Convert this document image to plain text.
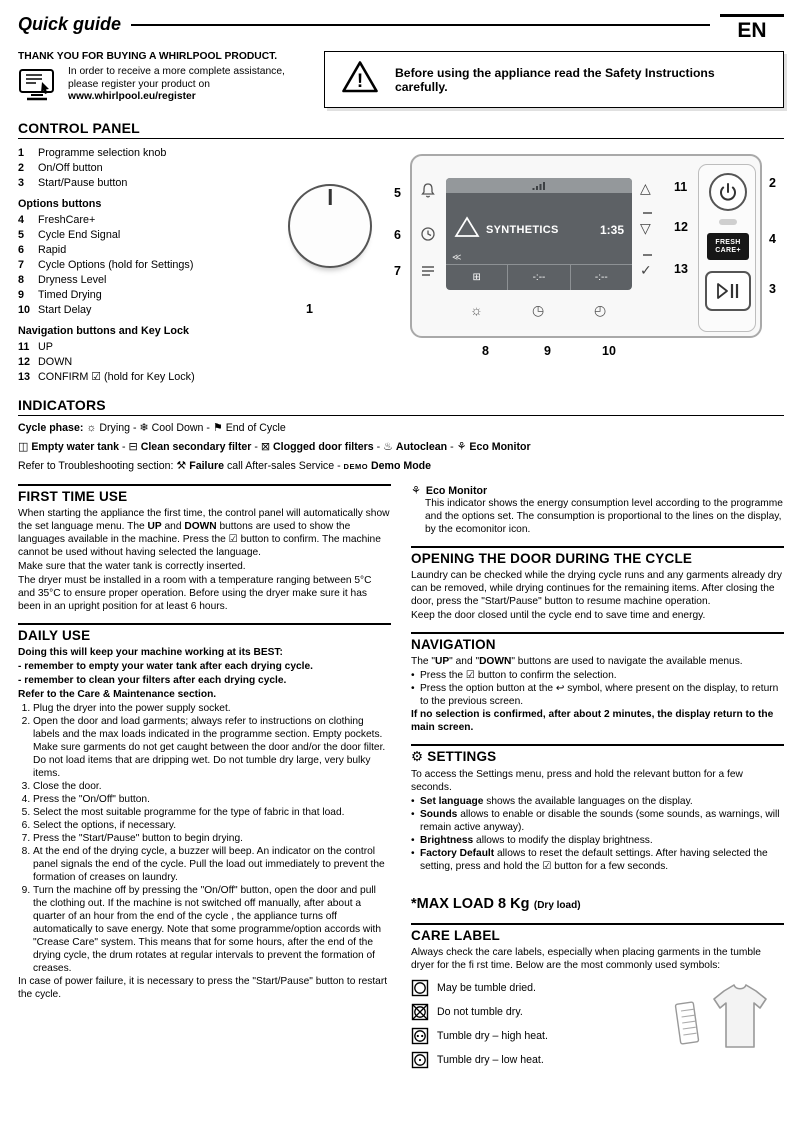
Quick guide	EN
THANK YOU FOR BUYING A WHIRLPOOL PRODUCT.
In order to receive a more complete assistance,
please register your product on
www.whirlpool.eu/register
!	Before using the appliance read the Safety Instructions carefully.
CONTROL PANEL
1	Programme selection knob
2	On/Off button
3	Start/Pause button
Options buttons
4	FreshCare+
5	Cycle End Signal
6	Rapid
7	Cycle Options (hold for Settings)
8	Dryness Level
9	Timed Drying
10 Start Delay
Navigation buttons and Key Lock
11 UP
12 DOWN
13 CONFIRM ☑ (hold for Key Lock)
1
SYNTHETICS	1:35
≪
⊞	-:--	-:--
☼	◷	◴
△
▽
✓
FRESH
CARE+
5
6
7
11
12
13
2
4
3
8	9	10
INDICATORS
Cycle phase: ☼ Drying - ❄ Cool Down - ⚑ End of Cycle
◫ Empty water tank - ⊟ Clean secondary filter - ⊠ Clogged door filters - ♨ Autoclean - ⚘ Eco Monitor
Refer to Troubleshooting section: ⚒ Failure call After-sales Service - DEMO Demo Mode
FIRST TIME USE

When starting the appliance the first time, the control panel will automatically show the set language menu. The UP and DOWN buttons are used to show the languages available in the machine. Press the ☑ button to confirm. The machine cannot be used without having selected the language.

Make sure that the water tank is correctly inserted.

The dryer must be installed in a room with a temperature ranging between 5°C and 35°C to ensure proper operation. Before using the dryer make sure it has been in an upright position for at least 6 hours.

DAILY USE

Doing this will keep your machine working at its BEST:

- remember to empty your water tank after each drying cycle.

- remember to clean your filters after each drying cycle.

Refer to the Care & Maintenance section.

1. Plug the dryer into the power supply socket.
2. Open the door and load garments; always refer to instructions on clothing labels and the max loads indicated in the programme section. Empty pockets. Make sure garments do not get caught between the door and/or the door filter. Do not load items that are dripping wet. Do not tumble dry large, very bulky items.
3. Close the door.
4. Press the "On/Off" button.
5. Select the most suitable programme for the type of fabric in that load.
6. Select the options, if necessary.
7. Press the "Start/Pause" button to begin drying.
8. At the end of the drying cycle, a buzzer will beep. An indicator on the control panel signals the end of the cycle. Pull the load out immediately to prevent the formation of creases on laundry.
9. Turn the machine off by pressing the "On/Off" button, open the door and pull the clothing out. If the machine is not switched off manually, after about a quarter of an hour from the end of the cycle , the appliance turns off automatically to save energy. Note that some programme/option accords with "Crease Care" system. This means that for some hours, after the end of the drying cycle, the drum rotates at regular intervals to prevent the formation of creases.

In case of power failure, it is necessary to press the "Start/Pause" button to restart the cycle.

⚘ Eco Monitor

This indicator shows the energy consumption level according to the programme and the options set. The consumption is proportional to the lines on the display, by the ecomonitor icon.

OPENING THE DOOR DURING THE CYCLE

Laundry can be checked while the drying cycle runs and any garments already dry can be removed, while drying continues for the remaining items. After closing the door, press the "Start/Pause" button to resume machine operation.

Keep the door closed until the cycle end to save time and energy.

NAVIGATION

The "UP" and "DOWN" buttons are used to navigate the available menus.

• Press the ☑ button to confirm the selection.
• Press the option button at the ↩ symbol, where present on the display, to return to the previous screen.

If no selection is confirmed, after about 2 minutes, the display return to the main screen.

⚙ SETTINGS

To access the Settings menu, press and hold the relevant button for a few seconds.

• Set language shows the available languages on the display.
• Sounds allows to enable or disable the sounds (some sounds, as warnings, will remain active anyway).
• Brightness allows to modify the display brightness.
• Factory Default allows to reset the default settings. After having selected the setting, press and hold the ☑ button for a few seconds.
*MAX LOAD 8 Kg (Dry load)
CARE LABEL

Always check the care labels, especially when placing garments in the tumble dryer for the fi rst time. Below are the most commonly used symbols:

May be tumble dried.
Do not tumble dry.
Tumble dry – high heat.
Tumble dry – low heat.
